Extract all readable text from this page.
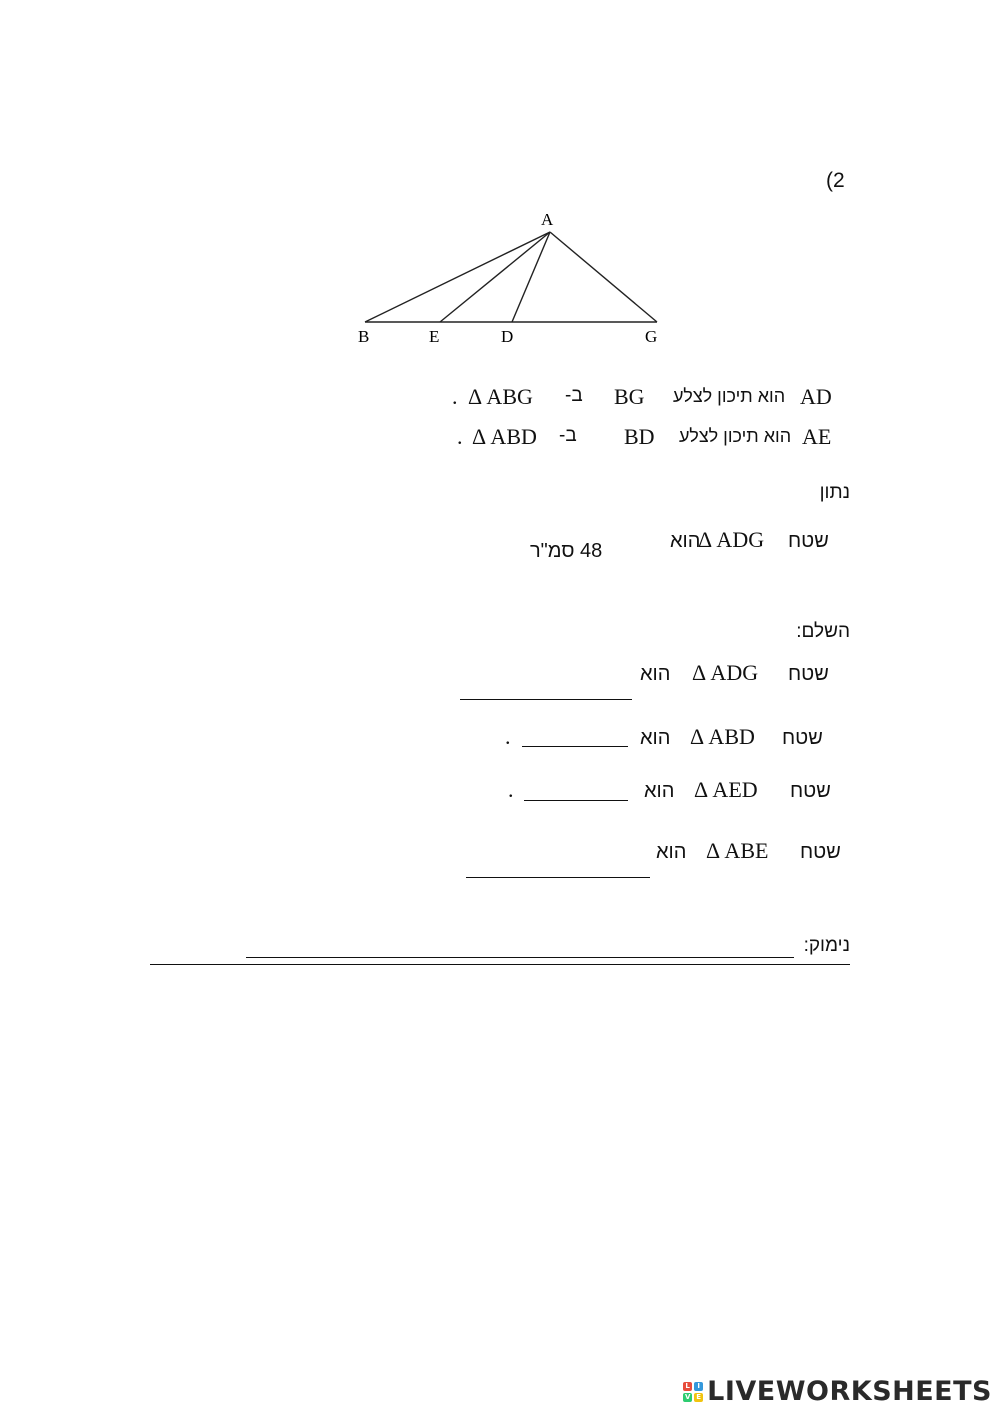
(2
A
B	E	D	G
. Δ ABG ב- BG הוא תיכון לצלע AD
. Δ ABD ב- BD הוא תיכון לצלע AE
נתון
48 סמ"ר	הוא
Δ ADG שטח
השלם:
הוא Δ ADG שטח
.	הוא Δ ABD שטח
.	הוא Δ AED שטח
הוא Δ ABE שטח
נימוק:
L	I
V E LIVEWORKSHEETS
